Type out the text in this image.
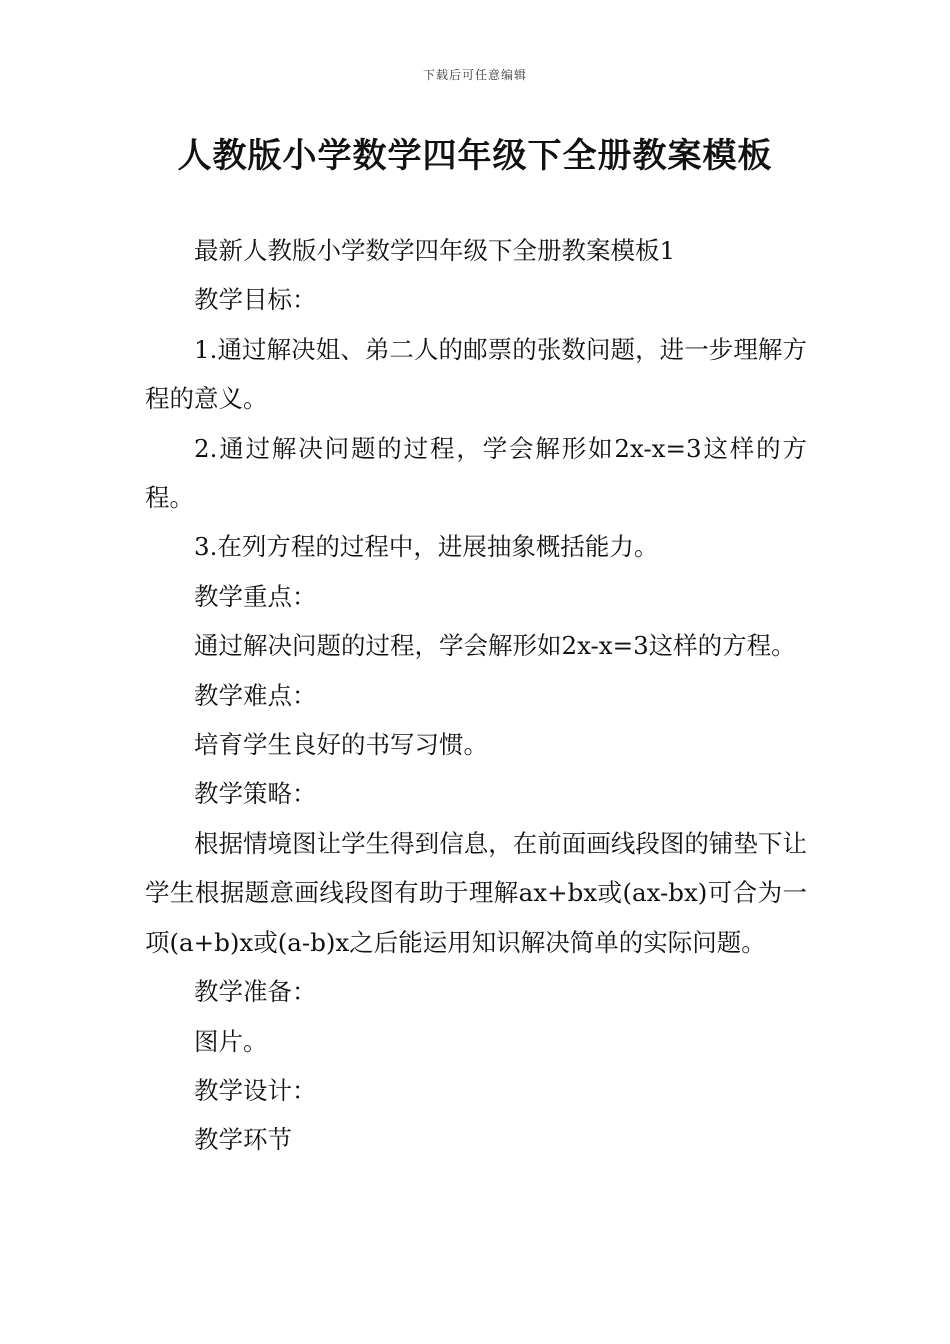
下载后可任意编辑
人教版小学数学四年级下全册教案模板

最新人教版小学数学四年级下全册教案模板1

教学目标：

1.通过解决姐、弟二人的邮票的张数问题，进一步理解方程的意义。

2.通过解决问题的过程，学会解形如2x-x=3这样的方程。

3.在列方程的过程中，进展抽象概括能力。

教学重点：

通过解决问题的过程，学会解形如2x-x=3这样的方程。

教学难点：

培育学生良好的书写习惯。

教学策略：

根据情境图让学生得到信息，在前面画线段图的铺垫下让学生根据题意画线段图有助于理解ax+bx或(ax-bx)可合为一项(a+b)x或(a-b)x之后能运用知识解决简单的实际问题。

教学准备：

图片。

教学设计：

教学环节
